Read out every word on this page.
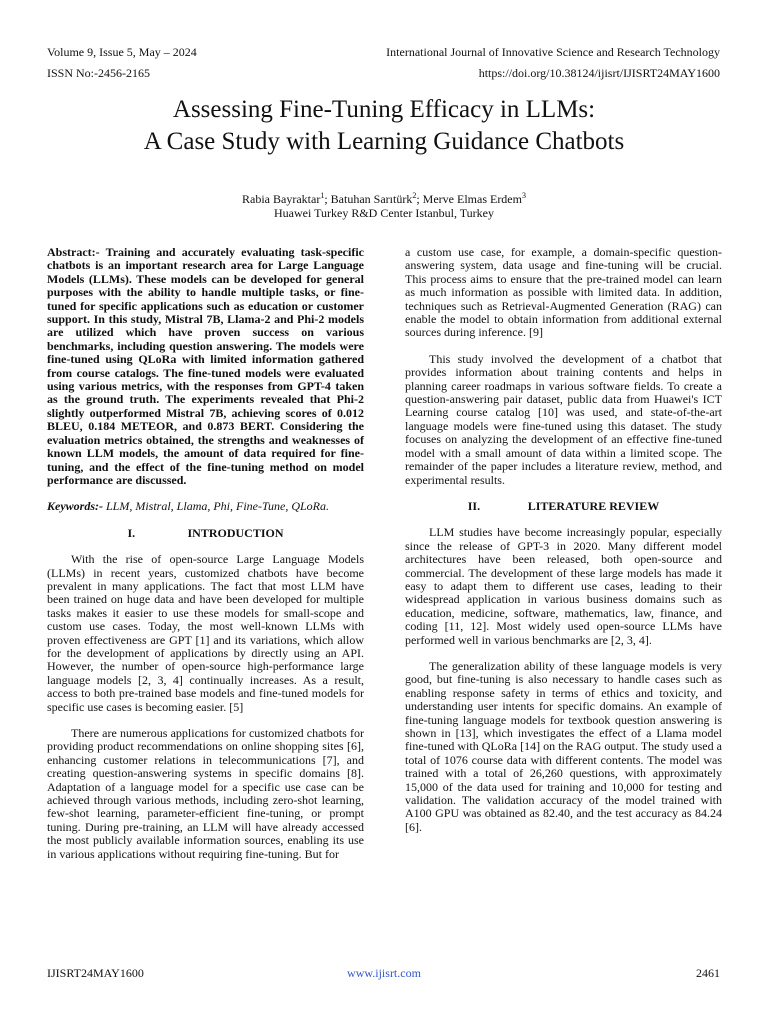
Volume 9, Issue 5, May – 2024
ISSN No:-2456-2165
International Journal of Innovative Science and Research Technology
https://doi.org/10.38124/ijisrt/IJISRT24MAY1600
Assessing Fine-Tuning Efficacy in LLMs:
A Case Study with Learning Guidance Chatbots
Rabia Bayraktar$^1$; Batuhan Sarıtürk$^2$; Merve Elmas Erdem$^3$
Huawei Turkey R&D Center Istanbul, Turkey

Abstract:- Training and accurately evaluating task-specific chatbots is an important research area for Large Language Models (LLMs). These models can be developed for general purposes with the ability to handle multiple tasks, or fine-tuned for specific applications such as education or customer support. In this study, Mistral 7B, Llama-2 and Phi-2 models are utilized which have proven success on various benchmarks, including question answering. The models were fine-tuned using QLoRa with limited information gathered from course catalogs. The fine-tuned models were evaluated using various metrics, with the responses from GPT-4 taken as the ground truth. The experiments revealed that Phi-2 slightly outperformed Mistral 7B, achieving scores of 0.012 BLEU, 0.184 METEOR, and 0.873 BERT. Considering the evaluation metrics obtained, the strengths and weaknesses of known LLM models, the amount of data required for fine-tuning, and the effect of the fine-tuning method on model performance are discussed.

Keywords:- LLM, Mistral, Llama, Phi, Fine-Tune, QLoRa.

I.	INTRODUCTION

With the rise of open-source Large Language Models (LLMs) in recent years, customized chatbots have become prevalent in many applications. The fact that most LLM have been trained on huge data and have been developed for multiple tasks makes it easier to use these models for small-scope and custom use cases. Today, the most well-known LLMs with proven effectiveness are GPT [1] and its variations, which allow for the development of applications by directly using an API. However, the number of open-source high-performance large language models [2, 3, 4] continually increases. As a result, access to both pre-trained base models and fine-tuned models for specific use cases is becoming easier. [5]

There are numerous applications for customized chatbots for providing product recommendations on online shopping sites [6], enhancing customer relations in telecommunications [7], and creating question-answering systems in specific domains [8]. Adaptation of a language model for a specific use case can be achieved through various methods, including zero-shot learning, few-shot learning, parameter-efficient fine-tuning, or prompt tuning. During pre-training, an LLM will have already accessed the most publicly available information sources, enabling its use in various applications without requiring fine-tuning. But for

a custom use case, for example, a domain-specific question-answering system, data usage and fine-tuning will be crucial. This process aims to ensure that the pre-trained model can learn as much information as possible with limited data. In addition, techniques such as Retrieval-Augmented Generation (RAG) can enable the model to obtain information from additional external sources during inference. [9]

This study involved the development of a chatbot that provides information about training contents and helps in planning career roadmaps in various software fields. To create a question-answering pair dataset, public data from Huawei's ICT Learning course catalog [10] was used, and state-of-the-art language models were fine-tuned using this dataset. The study focuses on analyzing the development of an effective fine-tuned model with a small amount of data within a limited scope. The remainder of the paper includes a literature review, method, and experimental results.

II.	LITERATURE REVIEW

LLM studies have become increasingly popular, especially since the release of GPT-3 in 2020. Many different model architectures have been released, both open-source and commercial. The development of these large models has made it easy to adapt them to different use cases, leading to their widespread application in various business domains such as education, medicine, software, mathematics, law, finance, and coding [11, 12]. Most widely used open-source LLMs have performed well in various benchmarks are [2, 3, 4].

The generalization ability of these language models is very good, but fine-tuning is also necessary to handle cases such as enabling response safety in terms of ethics and toxicity, and understanding user intents for specific domains. An example of fine-tuning language models for textbook question answering is shown in [13], which investigates the effect of a Llama model fine-tuned with QLoRa [14] on the RAG output. The study used a total of 1076 course data with different contents. The model was trained with a total of 26,260 questions, with approximately 15,000 of the data used for training and 10,000 for testing and validation. The validation accuracy of the model trained with A100 GPU was obtained as 82.40, and the test accuracy as 84.24 [6].

IJISRT24MAY1600	www.ijisrt.com	2461
